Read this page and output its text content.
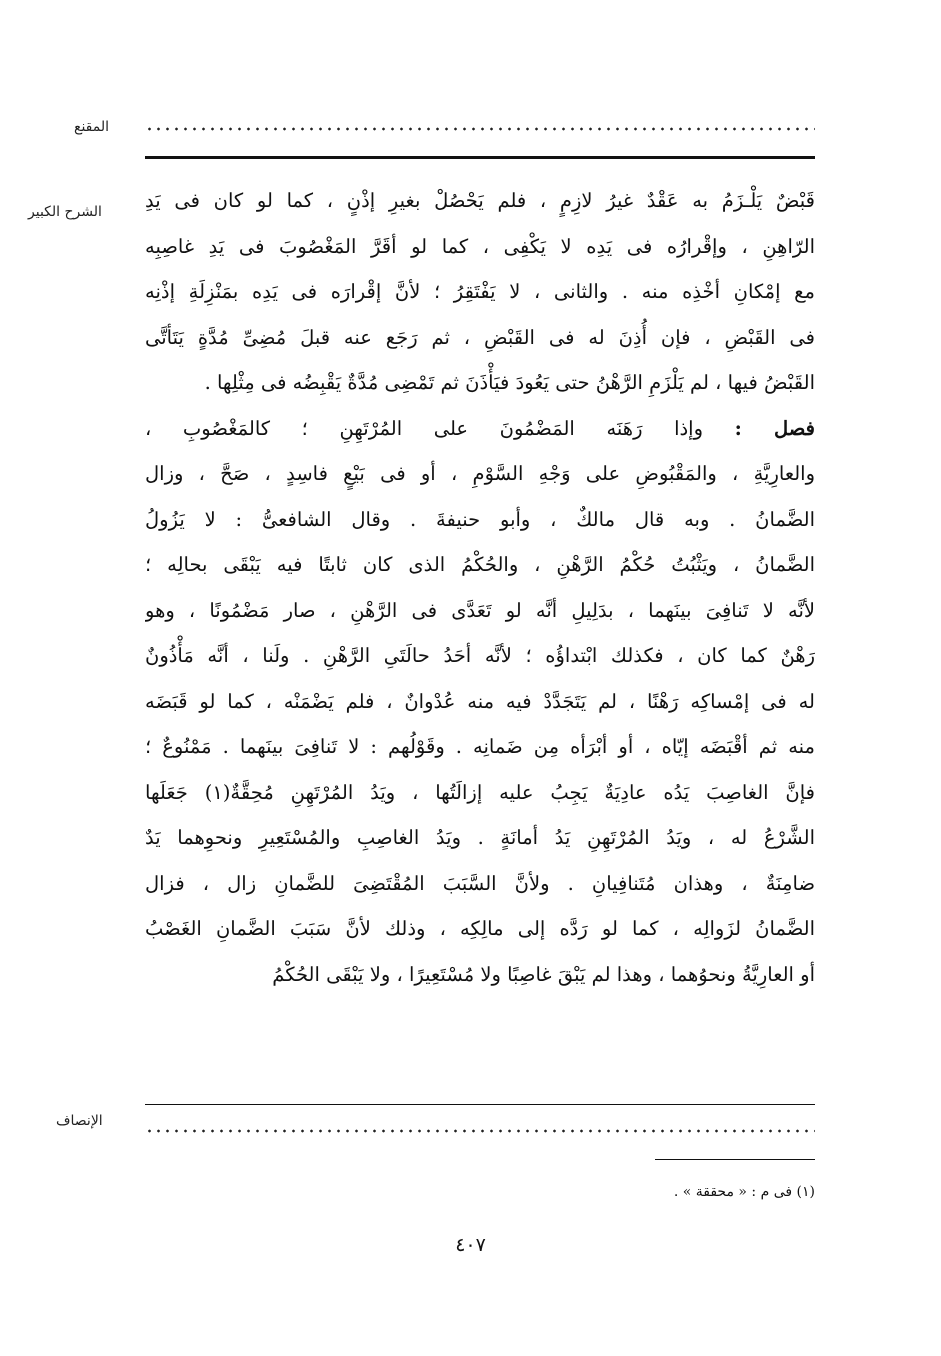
المقنع
الشرح الكبير قَبْضٌ يَلْـزَمُ به عَقْدٌ غيرُ لازِمٍ ، فلم يَحْصُلْ بغيرِ إذْنٍ ، كما لو كان فى يَدِ
الرّاهِنِ ، وإقْرارُه فى يَدِه لا يَكْفِى ، كما لو أقَرَّ المَغْصُوبَ فى يَدِ غاصِبِه
مع إمْكانِ أخْذِه منه . والثانى ، لا يَفْتَقِرُ ؛ لأنَّ إقْرارَه فى يَدِه بمَنْزِلَةِ إذْنِه
فى القَبْضِ ، فإن أُذِنَ له فى القَبْضِ ، ثم رَجَع عنه قبلَ مُضِىِّ مُدَّةٍ يَتَأتَّى
القَبْضُ فيها ، لم يَلْزَمِ الرَّهْنُ حتى يَعُودَ فيَأْذَنَ ثم تَمْضِى مُدَّةٌ يَقْبِضُه فى مِثْلِها .
فصل : وإذا رَهَنَه المَضْمُونَ على المُرْتَهِنِ ؛ كالمَغْصُوبِ ،
والعارِيَّةِ ، والمَقْبُوضِ على وَجْهِ السَّوْمِ ، أو فى بَيْعٍ فاسِدٍ ، صَحَّ ، وزال
الضَّمانُ . وبه قال مالكٌ ، وأبو حنيفةَ . وقال الشافعىُّ : لا يَزُولُ
الضَّمانُ ، ويَثْبُتُ حُكْمُ الرَّهْنِ ، والحُكْمُ الذى كان ثابتًا فيه يَبْقَى بحالِه ؛
لأنَّه لا تَنافِىَ بينَهما ، بدَلِيلِ أنَّه لو تَعَدَّى فى الرَّهْنِ ، صار مَضْمُونًا ، وهو
رَهْنٌ كما كان ، فكذلك ابْتداؤُه ؛ لأنَّه أحَدُ حالَتَىِ الرَّهْنِ . ولَنا ، أنَّه مَأْذُونٌ
له فى إمْساكِه رَهْنًا ، لم يَتَجَدَّدْ فيه منه عُدْوانٌ ، فلم يَضْمَنْه ، كما لو قَبَضَه
منه ثم أقْبَضَه إيّاه ، أو أبْرَأه مِن ضَمانِه . وقَوْلُهم : لا تَنافِىَ بينَهما . مَمْنُوعٌ ؛
فإنَّ الغاصِبَ يَدُه عادِيَةٌ يَجِبُ عليه إزالَتُها ، ويَدُ المُرْتَهِنِ مُحِقَّةٌ(١) جَعَلَها
الشَّرْعُ له ، ويَدُ المُرْتَهِنِ يَدُ أمانَةٍ . ويَدُ الغاصِبِ والمُسْتَعِيرِ ونحوِهما يَدٌ
ضامِنَةٌ ، وهذان مُتَنافِيانِ . ولأنَّ السَّبَبَ المُقْتَضِىَ للضَّمانِ زال ، فزال
الضَّمانُ لزَوالِه ، كما لو رَدَّه إلى مالِكِه ، وذلك لأنَّ سَبَبَ الضَّمانِ الغَصْبُ
أو العارِيَّةُ ونحوُهما ، وهذا لم يَبْقَ غاصِبًا ولا مُسْتَعِيرًا ، ولا يَبْقَى الحُكْمُ
الإنصاف
(١) فى م : « محققة » .
٤٠٧
